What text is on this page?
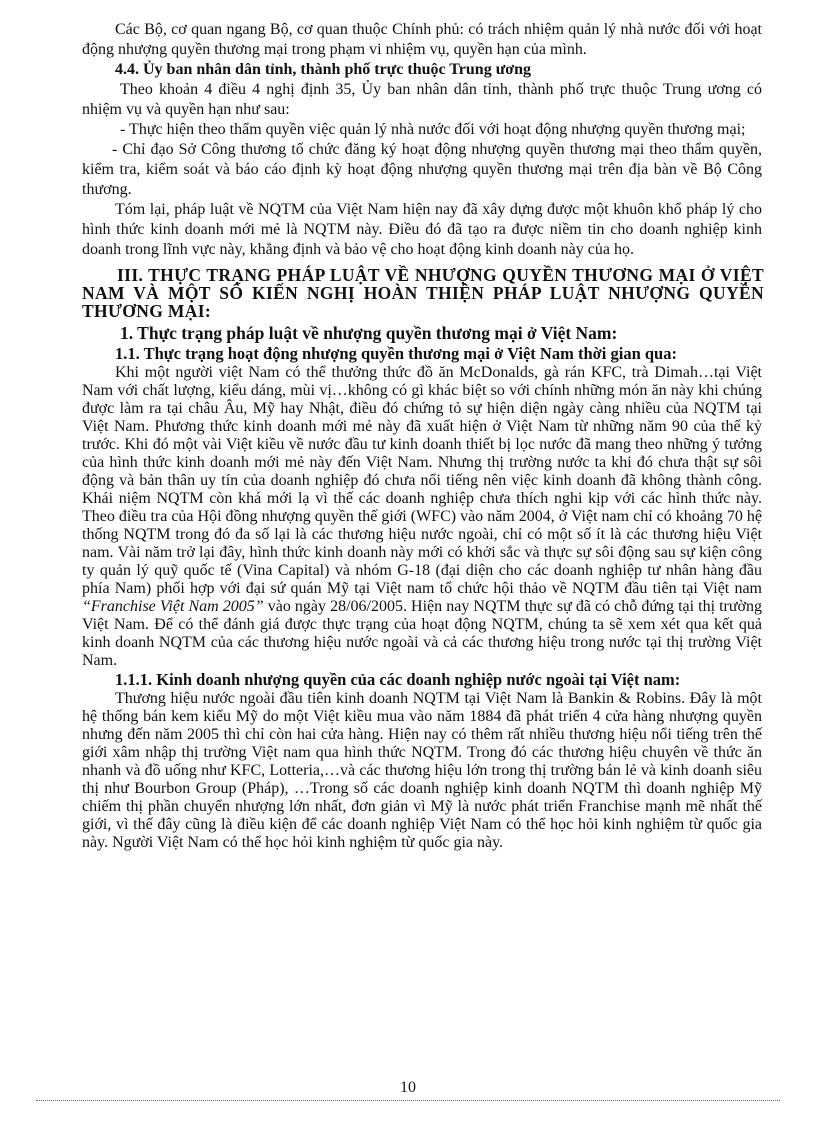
Các Bộ, cơ quan ngang Bộ, cơ quan thuộc Chính phủ: có trách nhiệm quản lý nhà nước đối với hoạt động nhượng quyền thương mại trong phạm vi nhiệm vụ, quyền hạn của mình.

4.4. Ủy ban nhân dân tỉnh, thành phố trực thuộc Trung ương

Theo khoản 4 điều 4 nghị định 35, Ủy ban nhân dân tỉnh, thành phố trực thuộc Trung ương có nhiệm vụ và quyền hạn như sau:

- Thực hiện theo thẩm quyền việc quản lý nhà nước đối với hoạt động nhượng quyền thương mại;

- Chỉ đạo Sở Công thương tổ chức đăng ký hoạt động nhượng quyền thương mại theo thẩm quyền, kiểm tra, kiểm soát và báo cáo định kỳ hoạt động nhượng quyền thương mại trên địa bàn về Bộ Công thương.

Tóm lại, pháp luật về NQTM của Việt Nam hiện nay đã xây dựng được một khuôn khổ pháp lý cho hình thức kinh doanh mới mẻ là NQTM này. Điều đó đã tạo ra được niềm tin cho doanh nghiệp kinh doanh trong lĩnh vực này, khẳng định và bảo vệ cho hoạt động kinh doanh này của họ.

III. THỰC TRẠNG PHÁP LUẬT VỀ NHƯỢNG QUYỀN THƯƠNG MẠI Ở VIỆT NAM VÀ MỘT SỐ KIẾN NGHỊ HOÀN THIỆN PHÁP LUẬT NHƯỢNG QUYỀN THƯƠNG MẠI:

1. Thực trạng pháp luật về nhượng quyền thương mại ở Việt Nam:

1.1. Thực trạng hoạt động nhượng quyền thương mại ở Việt Nam thời gian qua:

Khi một người việt Nam có thể thưởng thức đồ ăn McDonalds, gà rán KFC, trà Dimah…tại Việt Nam với chất lượng, kiểu dáng, mùi vị…không có gì khác biệt so với chính những món ăn này khi chúng được làm ra tại châu Âu, Mỹ hay Nhật, điều đó chứng tỏ sự hiện diện ngày càng nhiều của NQTM tại Việt Nam. Phương thức kinh doanh mới mẻ này đã xuất hiện ở Việt Nam từ những năm 90 của thế kỷ trước. Khi đó một vài Việt kiều về nước đầu tư kinh doanh thiết bị lọc nước đã mang theo những ý tưởng của hình thức kinh doanh mới mẻ này đến Việt Nam. Nhưng thị trường nước ta khi đó chưa thật sự sôi động và bản thân uy tín của doanh nghiệp đó chưa nổi tiếng nên việc kinh doanh đã không thành công. Khái niệm NQTM còn khá mới lạ vì thế các doanh nghiệp chưa thích nghi kịp với các hình thức này. Theo điều tra của Hội đồng nhượng quyền thế giới (WFC) vào năm 2004, ở Việt nam chỉ có khoảng 70 hệ thống NQTM trong đó đa số lại là các thương hiệu nước ngoài, chỉ có một số ít là các thương hiệu Việt nam. Vài năm trở lại đây, hình thức kinh doanh này mới có khởi sắc và thực sự sôi động sau sự kiện công ty quản lý quỹ quốc tế (Vina Capital) và nhóm G-18 (đại diện cho các doanh nghiệp tư nhân hàng đầu phía Nam) phối hợp với đại sứ quán Mỹ tại Việt nam tổ chức hội thảo về NQTM đầu tiên tại Việt nam “Franchise Việt Nam 2005” vào ngày 28/06/2005. Hiện nay NQTM thực sự đã có chỗ đứng tại thị trường Việt Nam. Để có thể đánh giá được thực trạng của hoạt động NQTM, chúng ta sẽ xem xét qua kết quả kinh doanh NQTM của các thương hiệu nước ngoài và cả các thương hiệu trong nước tại thị trường Việt Nam.

1.1.1. Kinh doanh nhượng quyền của các doanh nghiệp nước ngoài tại Việt nam:

Thương hiệu nước ngoài đầu tiên kinh doanh NQTM tại Việt Nam là Bankin & Robins. Đây là một hệ thống bán kem kiểu Mỹ do một Việt kiều mua vào năm 1884 đã phát triển 4 cửa hàng nhượng quyền nhưng đến năm 2005 thì chỉ còn hai cửa hàng. Hiện nay có thêm rất nhiều thương hiệu nổi tiếng trên thế giới xâm nhập thị trường Việt nam qua hình thức NQTM. Trong đó các thương hiệu chuyên về thức ăn nhanh và đồ uống như KFC, Lotteria,…và các thương hiệu lớn trong thị trường bán lẻ và kinh doanh siêu thị như Bourbon Group (Pháp), …Trong số các doanh nghiệp kinh doanh NQTM thì doanh nghiệp Mỹ chiếm thị phần chuyển nhượng lớn nhất, đơn giản vì Mỹ là nước phát triển Franchise mạnh mẽ nhất thế giới, vì thế đây cũng là điều kiện để các doanh nghiệp Việt Nam có thể học hỏi kinh nghiệm từ quốc gia này. Người Việt Nam có thể học hỏi kinh nghiệm từ quốc gia này.

10
